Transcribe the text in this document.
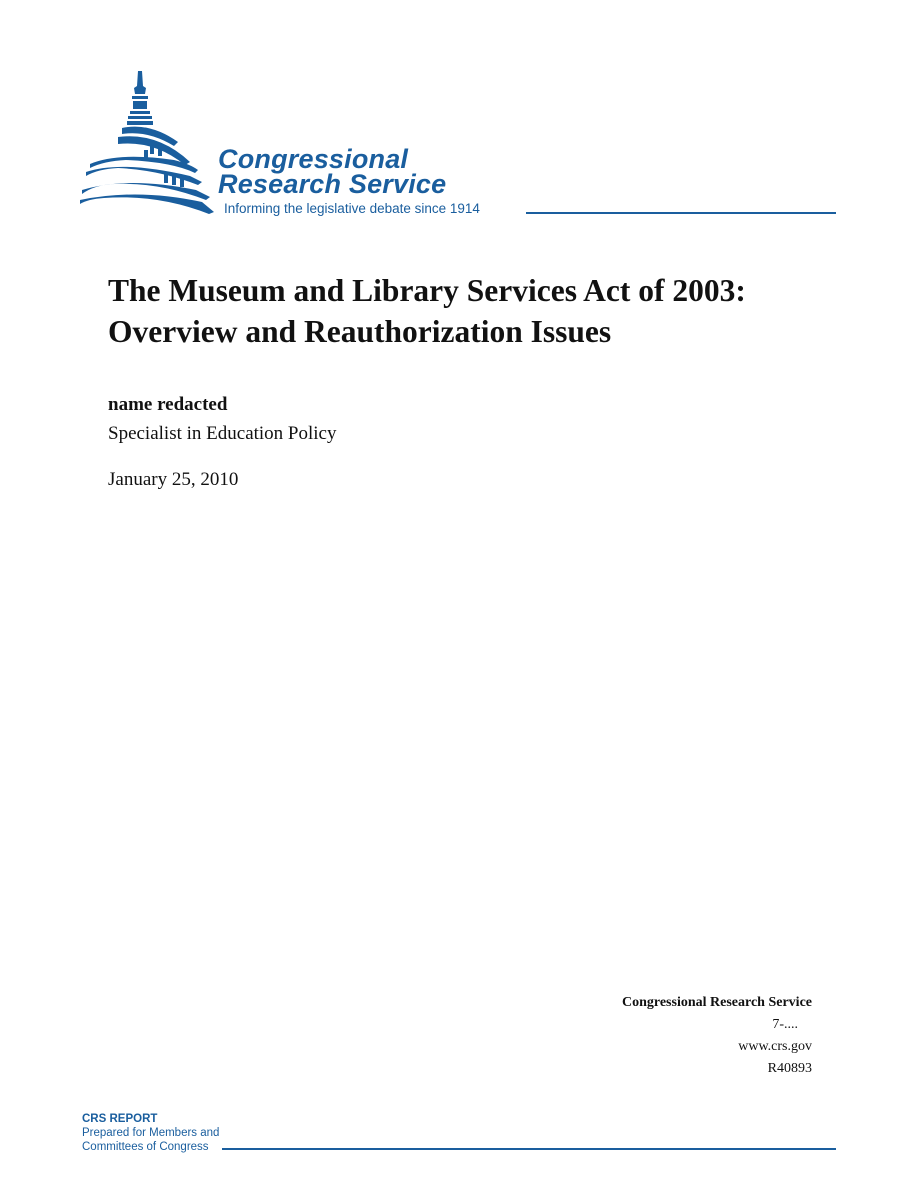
Congressional
Research Service
Informing the legislative debate since 1914
The Museum and Library Services Act of 2003:
Overview and Reauthorization Issues
name redacted
Specialist in Education Policy
January 25, 2010
Congressional Research Service
7-....
www.crs.gov
R40893
CRS REPORT
Prepared for Members and
Committees of Congress
